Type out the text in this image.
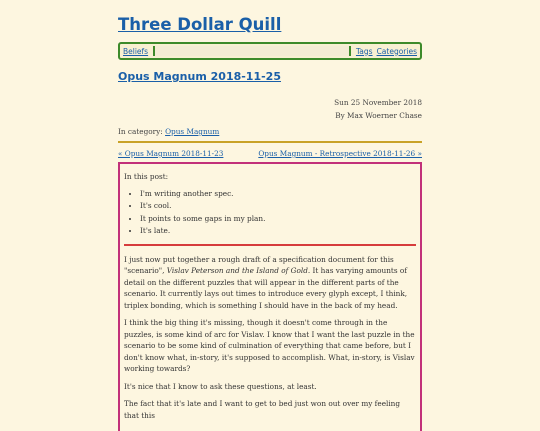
Three Dollar Quill
Beliefs	Tags Categories
Opus Magnum 2018-11-25
Sun 25 November 2018
By Max Woerner Chase
In category: Opus Magnum
« Opus Magnum 2018-11-23	Opus Magnum - Retrospective 2018-11-26 »
In this post:
• I'm writing another spec.
• It's cool.
• It points to some gaps in my plan.
• It's late.

I just now put together a rough draft of a specification document for this "scenario", Vislav Peterson and the Island of Gold. It has varying amounts of detail on the different puzzles that will appear in the different parts of the scenario. It currently lays out times to introduce every glyph except, I think, triplex bonding, which is something I should have in the back of my head.

I think the big thing it's missing, though it doesn't come through in the puzzles, is some kind of arc for Vislav. I know that I want the last puzzle in the scenario to be some kind of culmination of everything that came before, but I don't know what, in-story, it's supposed to accomplish. What, in-story, is Vislav working towards?

It's nice that I know to ask these questions, at least.

The fact that it's late and I want to get to bed just won out over my feeling that this
